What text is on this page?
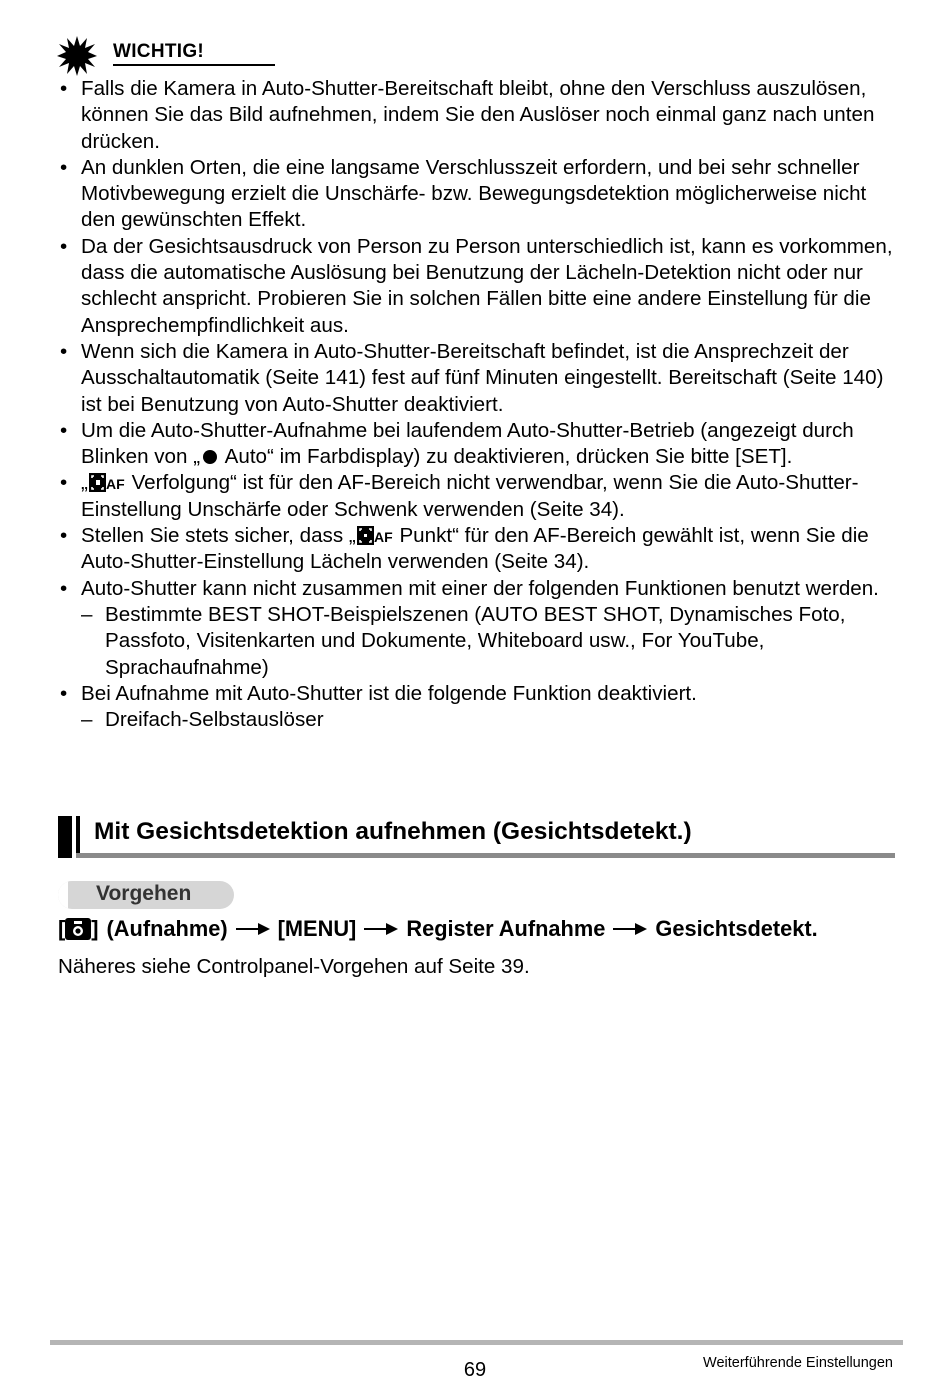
WICHTIG!
• Falls die Kamera in Auto-Shutter-Bereitschaft bleibt, ohne den Verschluss auszulösen, können Sie das Bild aufnehmen, indem Sie den Auslöser noch einmal ganz nach unten drücken.
• An dunklen Orten, die eine langsame Verschlusszeit erfordern, und bei sehr schneller Motivbewegung erzielt die Unschärfe- bzw. Bewegungsdetektion möglicherweise nicht den gewünschten Effekt.
• Da der Gesichtsausdruck von Person zu Person unterschiedlich ist, kann es vorkommen, dass die automatische Auslösung bei Benutzung der Lächeln-Detektion nicht oder nur schlecht anspricht. Probieren Sie in solchen Fällen bitte eine andere Einstellung für die Ansprechempfindlichkeit aus.
• Wenn sich die Kamera in Auto-Shutter-Bereitschaft befindet, ist die Ansprechzeit der Ausschaltautomatik (Seite 141) fest auf fünf Minuten eingestellt. Bereitschaft (Seite 140) ist bei Benutzung von Auto-Shutter deaktiviert.
• Um die Auto-Shutter-Aufnahme bei laufendem Auto-Shutter-Betrieb (angezeigt durch Blinken von „ Auto“ im Farbdisplay) zu deaktivieren, drücken Sie bitte [SET].
• „ AF Verfolgung“ ist für den AF-Bereich nicht verwendbar, wenn Sie die Auto-Shutter-Einstellung Unschärfe oder Schwenk verwenden (Seite 34).
• Stellen Sie stets sicher, dass „ AF Punkt“ für den AF-Bereich gewählt ist, wenn Sie die Auto-Shutter-Einstellung Lächeln verwenden (Seite 34).
• Auto-Shutter kann nicht zusammen mit einer der folgenden Funktionen benutzt werden.
– Bestimmte BEST SHOT-Beispielszenen (AUTO BEST SHOT, Dynamisches Foto, Passfoto, Visitenkarten und Dokumente, Whiteboard usw., For YouTube, Sprachaufnahme)
• Bei Aufnahme mit Auto-Shutter ist die folgende Funktion deaktiviert.
– Dreifach-Selbstauslöser
Mit Gesichtsdetektion aufnehmen (Gesichtsdetekt.)
Vorgehen
[ ] (Aufnahme) [MENU] Register Aufnahme Gesichtsdetekt.
Näheres siehe Controlpanel-Vorgehen auf Seite 39.
69	Weiterführende Einstellungen
